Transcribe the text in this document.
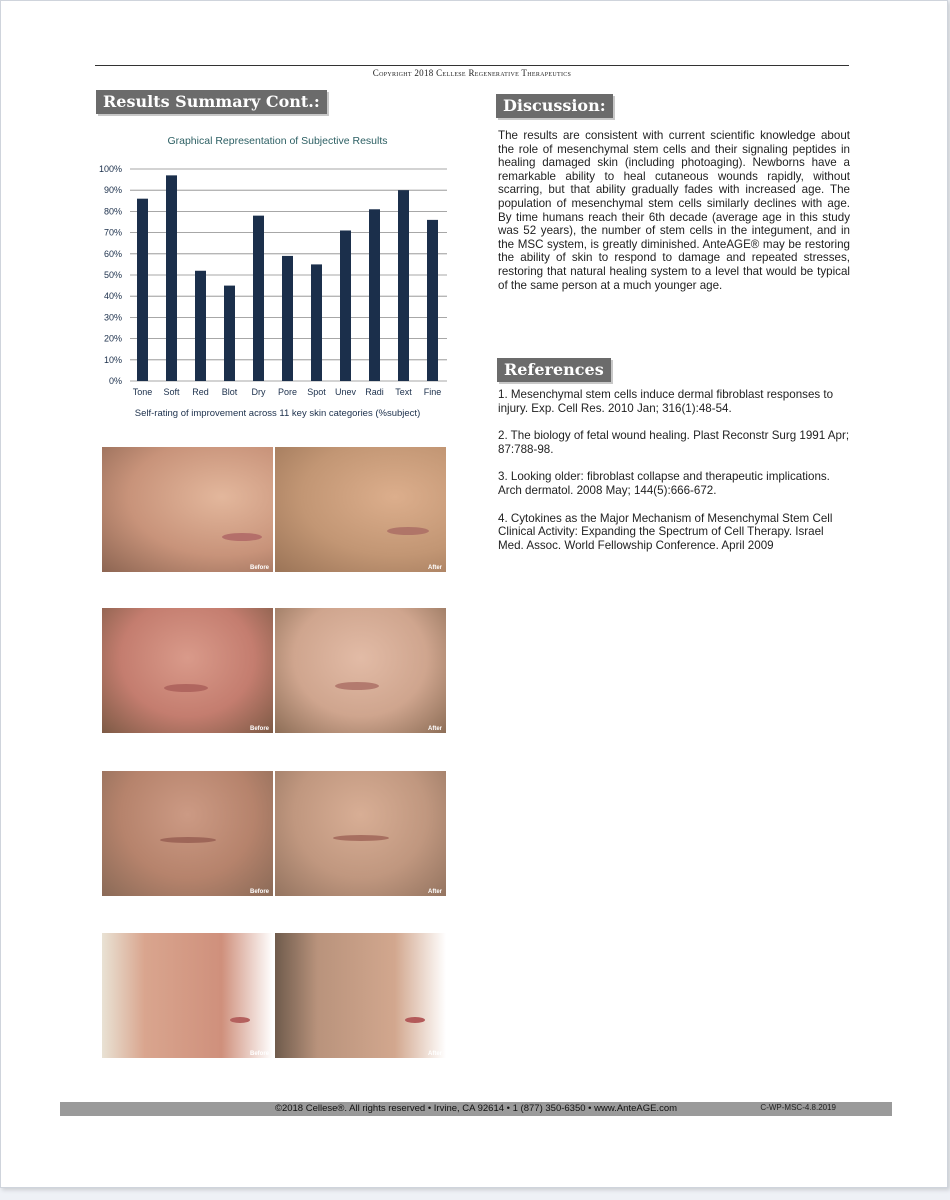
Copyright 2018 Cellese Regenerative Therapeutics
Results Summary Cont.:
Graphical Representation of Subjective Results
0%
10%
20%
30%
40%
50%
60%
70%
80%
90%
100%
Tone Soft Red Blot Dry Pore Spot Unev Radi Text Fine
Self-rating of improvement across 11 key skin categories (%subject)
Before	After
Before	After
Before	After
Before	After
Discussion:
The results are consistent with current scientific knowledge about the role of mesenchymal stem cells and their signaling peptides in healing damaged skin (including photoaging). Newborns have a remarkable ability to heal cutaneous wounds rapidly, without scarring, but that ability gradually fades with increased age. The population of mesenchymal stem cells similarly declines with age. By time humans reach their 6th decade (average age in this study was 52 years), the number of stem cells in the integument, and in the MSC system, is greatly diminished. AnteAGE® may be restoring the ability of skin to respond to damage and repeated stresses, restoring that natural healing system to a level that would be typical of the same person at a much younger age.
References

1. Mesenchymal stem cells induce dermal fibroblast responses to injury. Exp. Cell Res. 2010 Jan; 316(1):48-54.

2. The biology of fetal wound healing. Plast Reconstr Surg 1991 Apr; 87:788-98.

3. Looking older: fibroblast collapse and therapeutic implications. Arch dermatol. 2008 May; 144(5):666-672.

4. Cytokines as the Major Mechanism of Mesenchymal Stem Cell Clinical Activity: Expanding the Spectrum of Cell Therapy. Israel Med. Assoc. World Fellowship Conference. April 2009

©2018 Cellese®. All rights reserved • Irvine, CA 92614 • 1 (877) 350-6350 • www.AnteAGE.com	C-WP-MSC-4.8.2019
